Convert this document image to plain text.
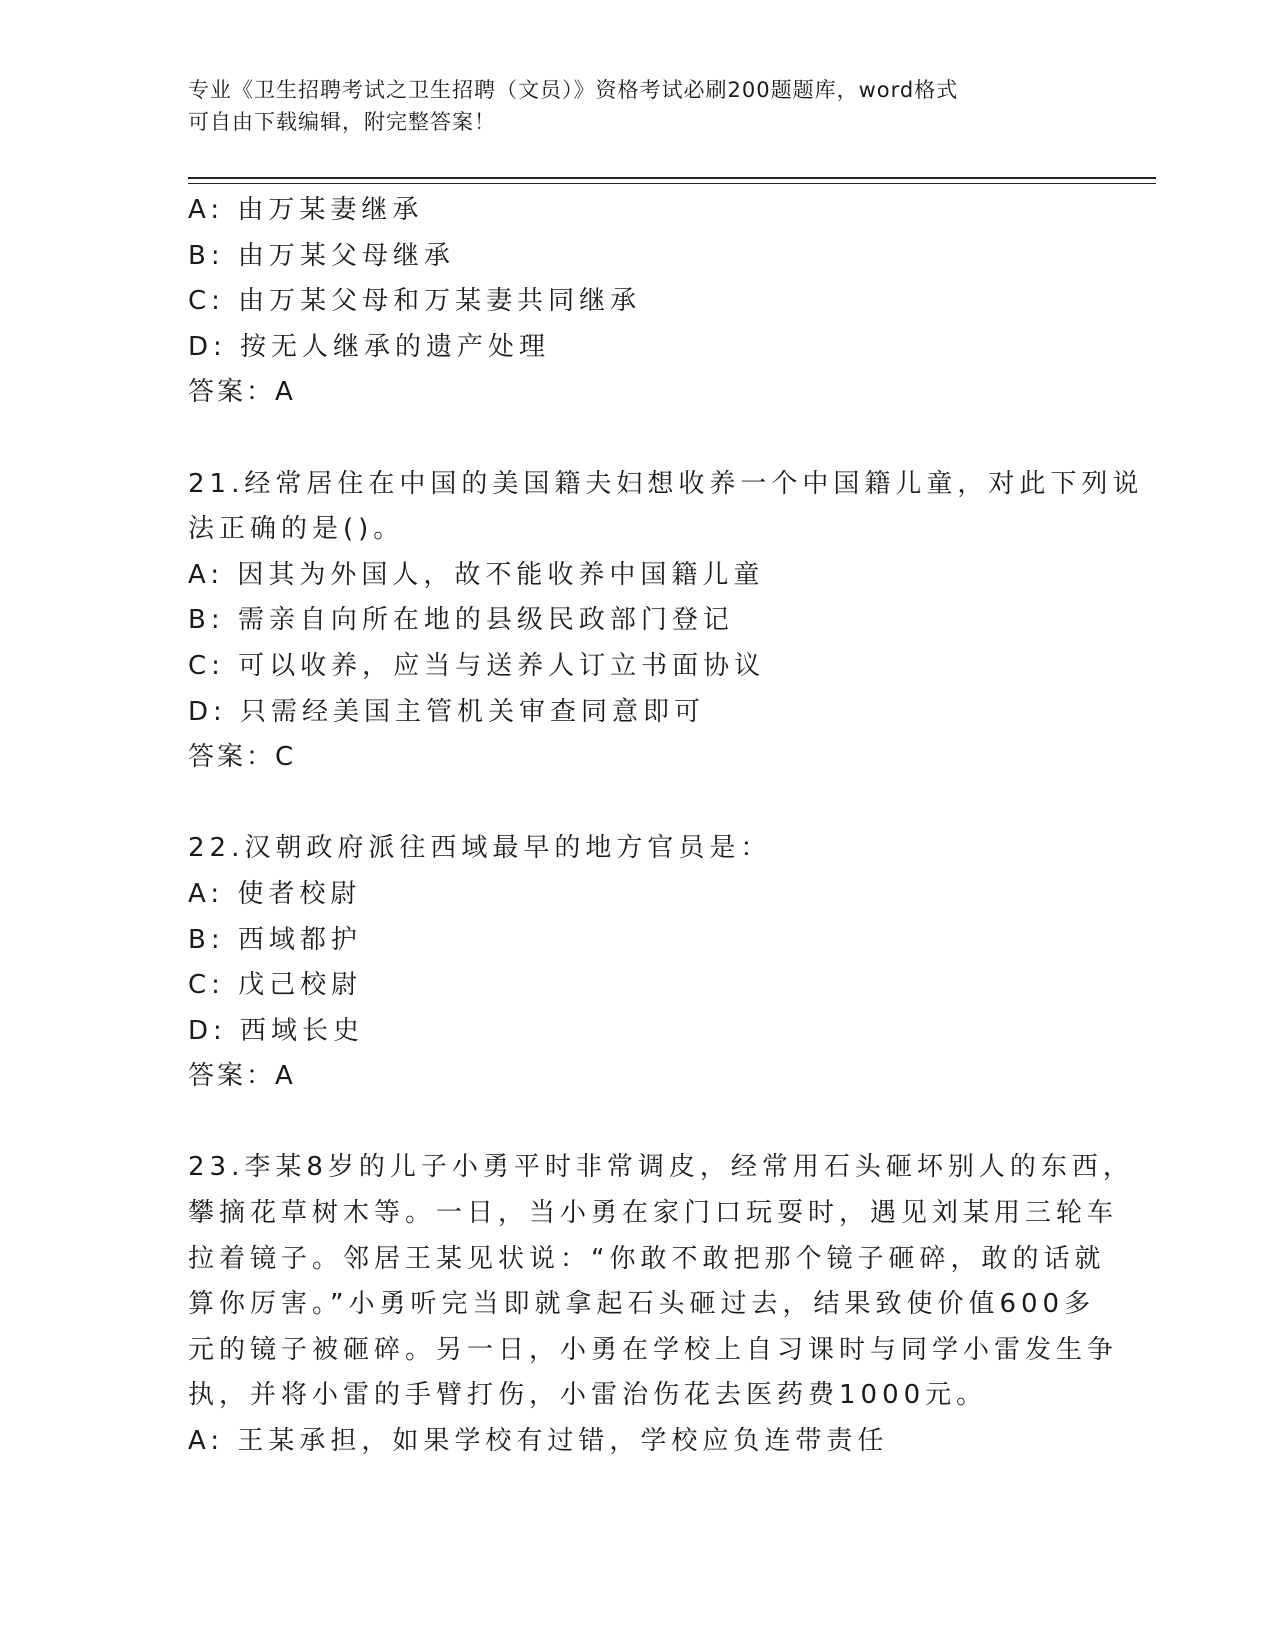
专业《卫生招聘考试之卫生招聘（文员）》资格考试必刷200题题库，word格式
可自由下载编辑，附完整答案！
A: 由万某妻继承
B: 由万某父母继承
C: 由万某父母和万某妻共同继承
D: 按无人继承的遗产处理
答案：A
21.经常居住在中国的美国籍夫妇想收养一个中国籍儿童，对此下列说
法正确的是()。
A: 因其为外国人，故不能收养中国籍儿童
B: 需亲自向所在地的县级民政部门登记
C: 可以收养，应当与送养人订立书面协议
D: 只需经美国主管机关审查同意即可
答案：C
22.汉朝政府派往西域最早的地方官员是：
A: 使者校尉
B: 西域都护
C: 戊己校尉
D: 西域长史
答案：A
23.李某8岁的儿子小勇平时非常调皮，经常用石头砸坏别人的东西，
攀摘花草树木等。一日，当小勇在家门口玩耍时，遇见刘某用三轮车
拉着镜子。邻居王某见状说：“你敢不敢把那个镜子砸碎，敢的话就
算你厉害。”小勇听完当即就拿起石头砸过去，结果致使价值600多
元的镜子被砸碎。另一日，小勇在学校上自习课时与同学小雷发生争
执，并将小雷的手臂打伤，小雷治伤花去医药费1000元。
A: 王某承担，如果学校有过错，学校应负连带责任
